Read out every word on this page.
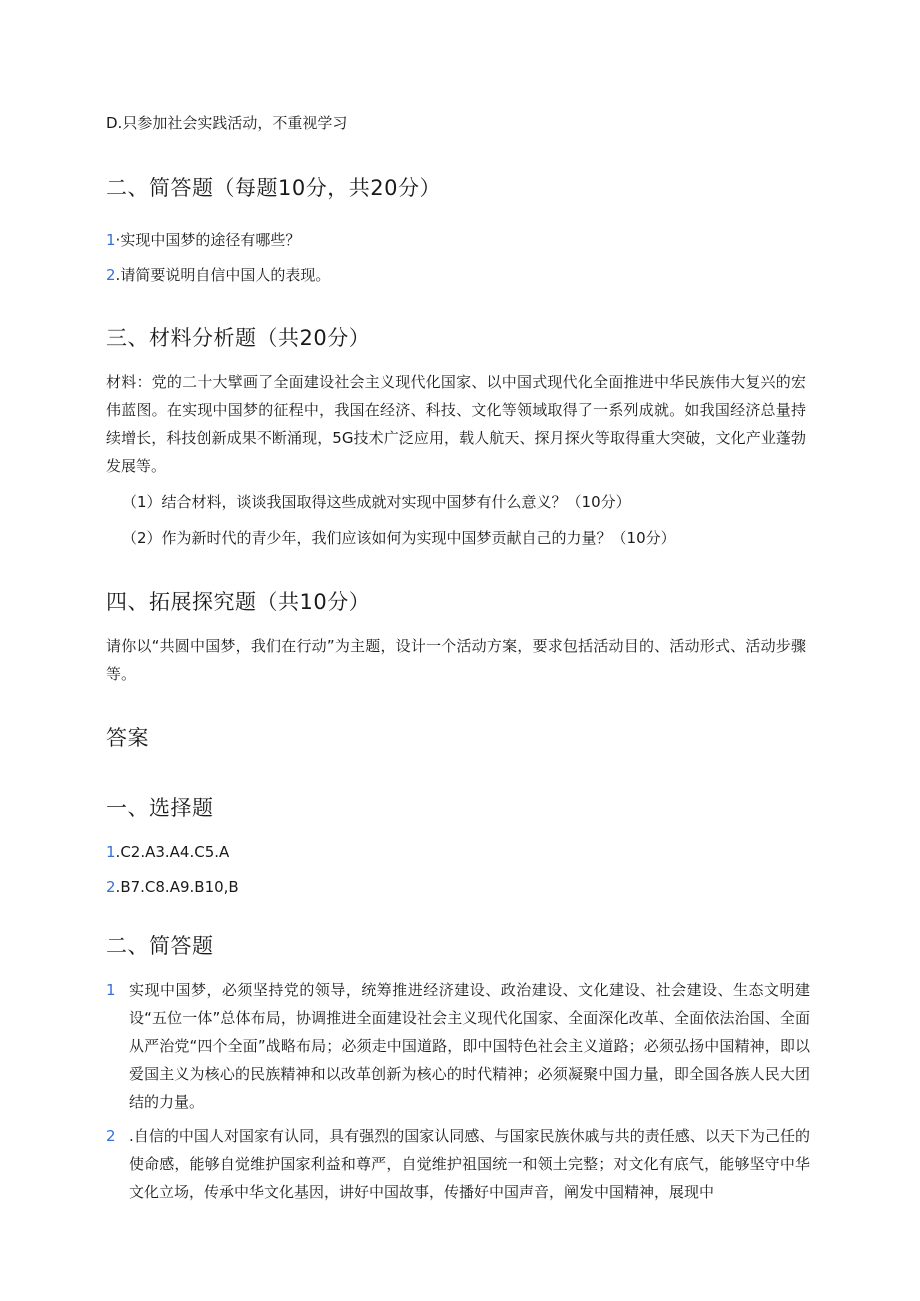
D.只参加社会实践活动，不重视学习
二、简答题（每题10分，共20分）
1·实现中国梦的途径有哪些？
2.请简要说明自信中国人的表现。
三、材料分析题（共20分）
材料：党的二十大擘画了全面建设社会主义现代化国家、以中国式现代化全面推进中华民族伟大复兴的宏伟蓝图。在实现中国梦的征程中，我国在经济、科技、文化等领域取得了一系列成就。如我国经济总量持续增长，科技创新成果不断涌现，5G技术广泛应用，载人航天、探月探火等取得重大突破，文化产业蓬勃发展等。
（1）结合材料，谈谈我国取得这些成就对实现中国梦有什么意义？（10分）
（2）作为新时代的青少年，我们应该如何为实现中国梦贡献自己的力量？（10分）
四、拓展探究题（共10分）
请你以“共圆中国梦，我们在行动”为主题，设计一个活动方案，要求包括活动目的、活动形式、活动步骤等。
答案
一、选择题
1.C2.A3.A4.C5.A
2.B7.C8.A9.B10,B
二、简答题
1 实现中国梦，必须坚持党的领导，统筹推进经济建设、政治建设、文化建设、社会建设、生态文明建设“五位一体”总体布局，协调推进全面建设社会主义现代化国家、全面深化改革、全面依法治国、全面从严治党“四个全面”战略布局；必须走中国道路，即中国特色社会主义道路；必须弘扬中国精神，即以爱国主义为核心的民族精神和以改革创新为核心的时代精神；必须凝聚中国力量，即全国各族人民大团结的力量。
2 .自信的中国人对国家有认同，具有强烈的国家认同感、与国家民族休戚与共的责任感、以天下为己任的使命感，能够自觉维护国家利益和尊严，自觉维护祖国统一和领土完整；对文化有底气，能够坚守中华文化立场，传承中华文化基因，讲好中国故事，传播好中国声音，阐发中国精神，展现中
